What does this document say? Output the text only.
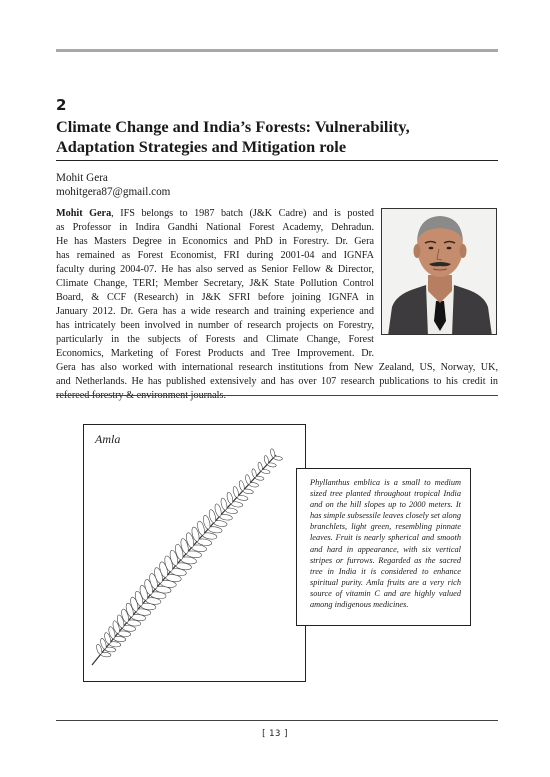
2
Climate Change and India’s Forests: Vulnerability,
Adaptation Strategies and Mitigation role
Mohit Gera
mohitgera87@gmail.com
Mohit Gera, IFS belongs to 1987 batch (J&K Cadre) and is posted
as Professor in Indira Gandhi National Forest Academy, Dehradun.
He has Masters Degree in Economics and PhD in Forestry. Dr. Gera
has remained as Forest Economist, FRI during 2001-04 and IGNFA
faculty during 2004-07. He has also served as Senior Fellow & Director,
Climate Change, TERI; Member Secretary, J&K State Pollution Control
Board, & CCF (Research) in J&K SFRI before joining IGNFA in
January 2012. Dr. Gera has a wide research and training experience and
has intricately been involved in number of research projects on Forestry,
particularly in the subjects of Forests and Climate Change, Forest
Economics, Marketing of Forest Products and Tree Improvement. Dr.
Gera has also worked with international research institutions from New Zealand, US, Norway, UK,
and Netherlands. He has published extensively and has over 107 research publications to his credit in
Amla

Phyllanthus emblica is a small to medium sized tree planted throughout tropical India and on the hill slopes up to 2000 meters. It has simple subsessile leaves closely set along branchlets, light green, resembling pinnate leaves. Fruit is nearly spherical and smooth and hard in appearance, with six vertical stripes or furrows. Regarded as the sacred tree in India it is considered to enhance spiritual purity. Amla fruits are a very rich source of vitamin C and are highly valued among indigenous medicines.

[ 13 ]
